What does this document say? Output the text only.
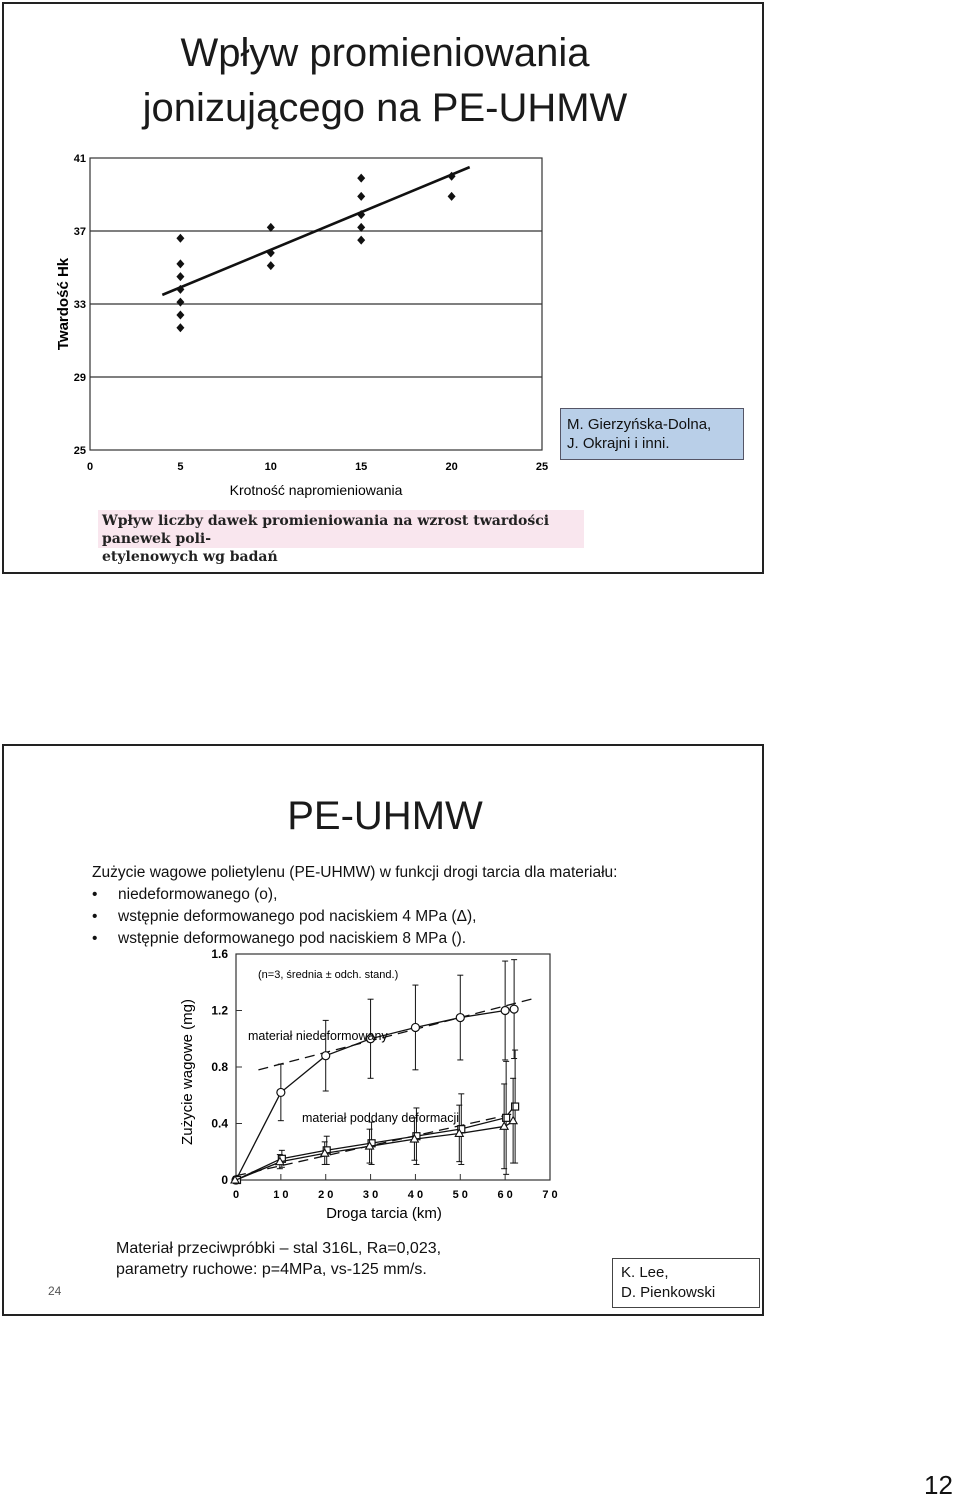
Wpływ promieniowania
jonizującego na PE-UHMW
25
29
33
37
41
0	5	10	15	20	25
Twardość Hk
Krotność napromieniowania
M. Gierzyńska-Dolna,
J. Okrajni i inni.
Wpływ liczby dawek promieniowania na wzrost twardości panewek poli-
etylenowych wg badań
PE-UHMW
Zużycie wagowe polietylenu (PE-UHMW) w funkcji drogi tarcia dla materiału:
• niedeformowanego (o),
• wstępnie deformowanego pod naciskiem 4 MPa (Δ),
• wstępnie deformowanego pod naciskiem 8 MPa ().
0
0.4
0.8
1.2
1.6
0	1 0	2 0	3 0	4 0	5 0	6 0	7 0
(n=3, średnia ± odch. stand.)
materiał niedeformowany
materiał poddany deformacji
Zużycie wagowe (mg)
Droga tarcia (km)
Materiał przeciwpróbki – stal 316L, Ra=0,023,
parametry ruchowe: p=4MPa, vs-125 mm/s.	K. Lee,
D. Pienkowski
24
12
